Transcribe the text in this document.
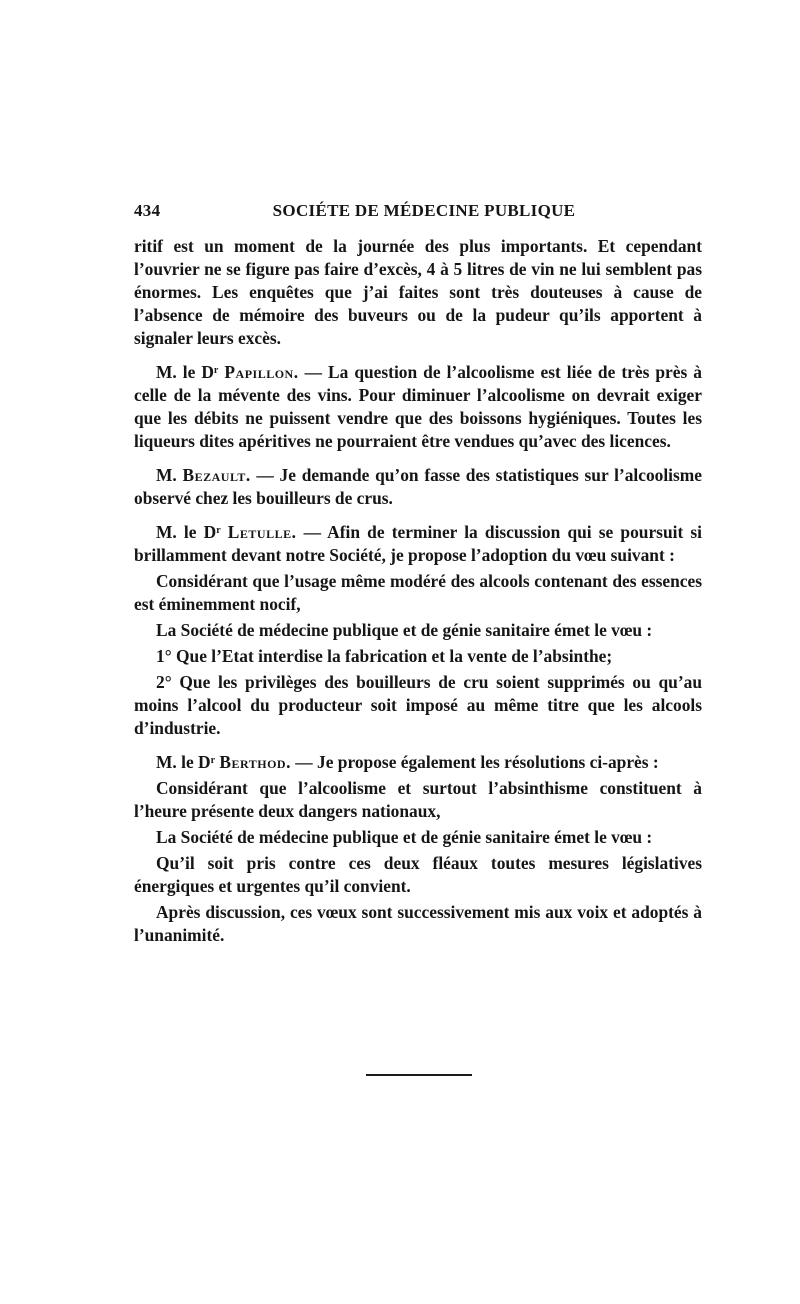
434	SOCIÉTE DE MÉDECINE PUBLIQUE

ritif est un moment de la journée des plus importants. Et cependant l’ouvrier ne se figure pas faire d’excès, 4 à 5 litres de vin ne lui semblent pas énormes. Les enquêtes que j’ai faites sont très douteuses à cause de l’absence de mémoire des buveurs ou de la pudeur qu’ils apportent à signaler leurs excès.

M. le $D^r$ Papillon. — La question de l’alcoolisme est liée de très près à celle de la mévente des vins. Pour diminuer l’alcoolisme on devrait exiger que les débits ne puissent vendre que des boissons hygiéniques. Toutes les liqueurs dites apéritives ne pourraient être vendues qu’avec des licences.

M. Bezault. — Je demande qu’on fasse des statistiques sur l’alcoolisme observé chez les bouilleurs de crus.

M. le $D^r$ Letulle. — Afin de terminer la discussion qui se poursuit si brillamment devant notre Société, je propose l’adoption du vœu suivant :

Considérant que l’usage même modéré des alcools contenant des essences est éminemment nocif,

La Société de médecine publique et de génie sanitaire émet le vœu :

1° Que l’Etat interdise la fabrication et la vente de l’absinthe;

2° Que les privilèges des bouilleurs de cru soient supprimés ou qu’au moins l’alcool du producteur soit imposé au même titre que les alcools d’industrie.

M. le $D^r$ Berthod. — Je propose également les résolutions ci-après :

Considérant que l’alcoolisme et surtout l’absinthisme constituent à l’heure présente deux dangers nationaux,

La Société de médecine publique et de génie sanitaire émet le vœu :

Qu’il soit pris contre ces deux fléaux toutes mesures législatives énergiques et urgentes qu’il convient.

Après discussion, ces vœux sont successivement mis aux voix et adoptés à l’unanimité.
